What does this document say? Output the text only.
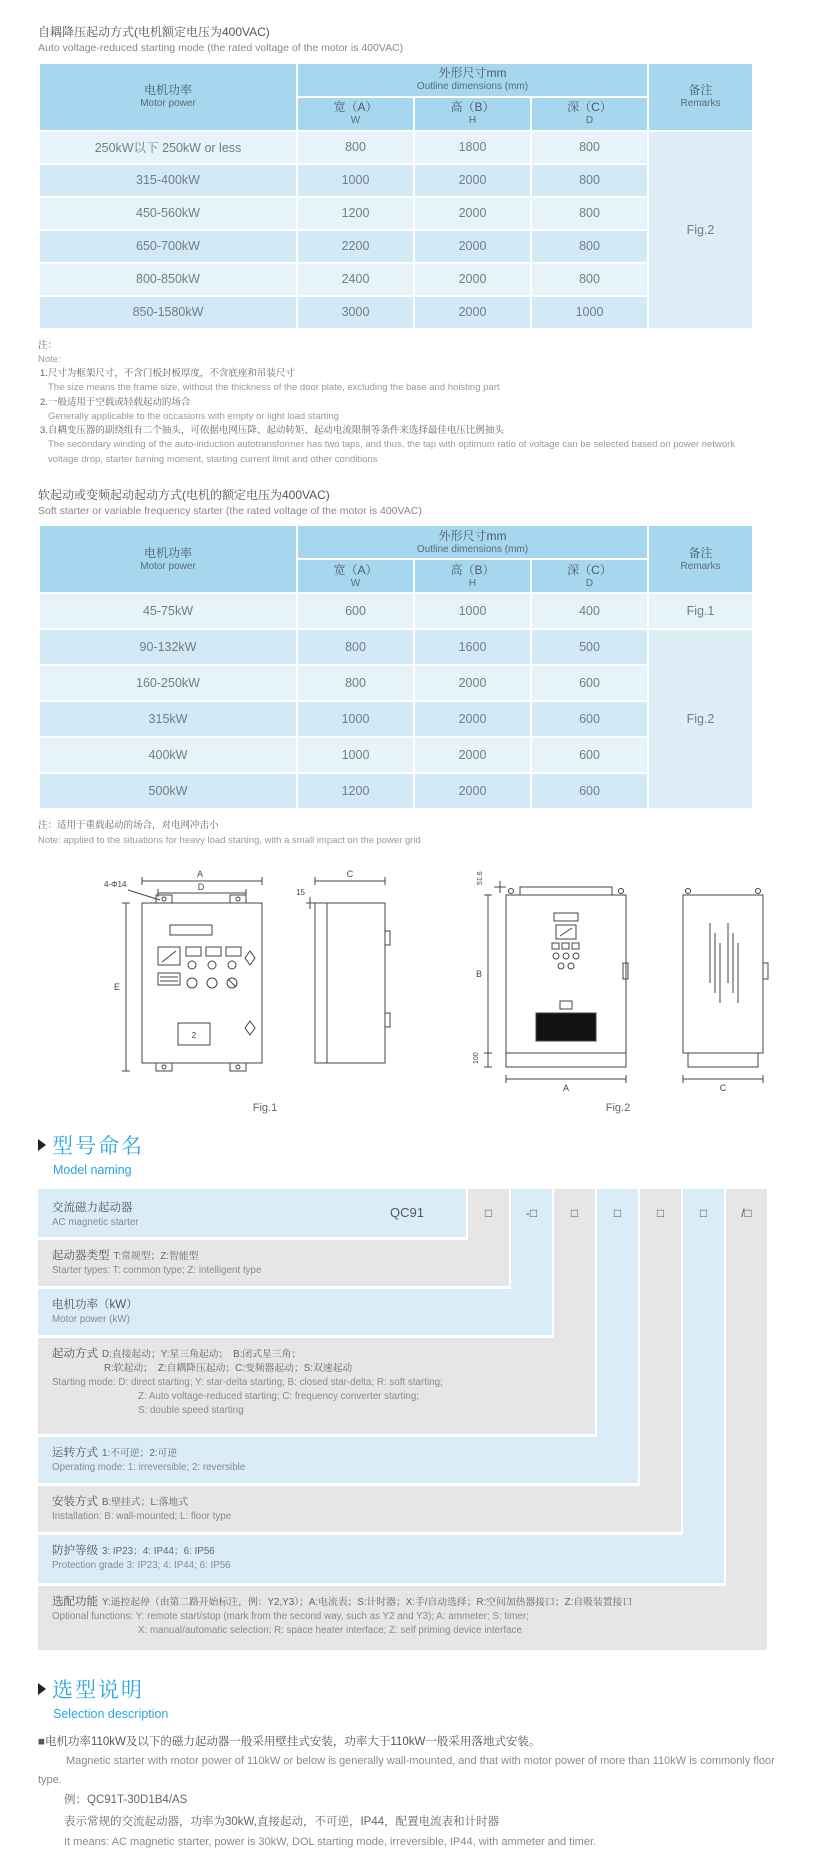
自耦降压起动方式(电机额定电压为400VAC)
Auto voltage-reduced starting mode (the rated voltage of the motor is 400VAC)
电机功率
Motor power	外形尺寸mm
Outline dimensions (mm)			备注
Remarks

	宽（A）
W	高（B）
H	深（C）
D	

250kW以下 250kW or less	800	1800	800	Fig.2
315-400kW	1000	2000	800	
450-560kW	1200	2000	800	
650-700kW	2200	2000	800	
800-850kW	2400	2000	800	
850-1580kW	3000	2000	1000	
注：
Note:
1.尺寸为框架尺寸，不含门板封板厚度，不含底座和吊装尺寸
The size means the frame size, without the thickness of the door plate, excluding the base and hoisting part
2.一般适用于空载或轻载起动的场合
Generally applicable to the occasions with empty or light load starting
3.自耦变压器的副绕组有二个抽头，可依据电网压降、起动转矩、起动电流限制等条件来选择最佳电压比例抽头
The secondary winding of the auto-induction autotransformer has two taps, and thus, the tap with optimum ratio of voltage can be selected based on power network voltage drop, starter turning moment, starting current limit and other conditions
软起动或变频起动起动方式(电机的额定电压为400VAC)
Soft starter or variable frequency starter (the rated voltage of the motor is 400VAC)
电机功率
Motor power	外形尺寸mm
Outline dimensions (mm)			备注
Remarks

	宽（A）
W	高（B）
H	深（C）
D	

45-75kW	600	1000	400	Fig.1
90-132kW	800	1600	500	Fig.2
160-250kW	800	2000	600	
315kW	1000	2000	600	
400kW	1000	2000	600	
500kW	1200	2000	600	
注：适用于重载起动的场合，对电网冲击小
Note: applied to the situations for heavy load starting, with a small impact on the power grid
A
D
4-Φ14
E
15
C
2
Fig.1
51.6
B
100
A	C
Fig.2
型号命名
Model naming
交流磁力起动器
AC magnetic starter
QC91	□	-□	□	□	□	□	/□
起动器类型 T:常规型；Z:智能型
Starter types: T: common type; Z: intelligent type
电机功率（kW）
Motor power (kW)
起动方式 D:直接起动；Y:星三角起动；　B:闭式星三角；
R:软起动；　Z:自耦降压起动；C:变频器起动；S:双速起动
Starting mode: D: direct starting; Y: star-delta starting; B: closed star-delta; R: soft starting;
Z: Auto voltage-reduced starting; C: frequency converter starting;
S: double speed starting
运转方式 1:不可逆；2:可逆
Operating mode: 1: irreversible; 2: reversible
安装方式 B:壁挂式；L:落地式
Installation: B: wall-mounted; L: floor type
防护等级 3: IP23；4: IP44；6: IP56
Protection grade 3: IP23; 4: IP44; 6: IP56
选配功能 Y:遥控起停（由第二路开始标注，例：Y2,Y3）；A:电流表；S:计时器；X:手/自动选择；R:空间加热器接口；Z:自吸装置接口
Optional functions: Y: remote start/stop (mark from the second way, such as Y2 and Y3); A: ammeter; S: timer;
X: manual/automatic selection; R: space heater interface; Z: self priming device interface
选型说明
Selection description
■电机功率110kW及以下的磁力起动器一般采用壁挂式安装，功率大于110kW一般采用落地式安装。
Magnetic starter with motor power of 110kW or below is generally wall-mounted, and that with motor power of more than 110kW is commonly floor type.
例：QC91T-30D1B4/AS
表示常规的交流起动器，功率为30kW,直接起动，不可逆，IP44，配置电流表和计时器
It means: AC magnetic starter, power is 30kW, DOL starting mode, irreversible, IP44, with ammeter and timer.
